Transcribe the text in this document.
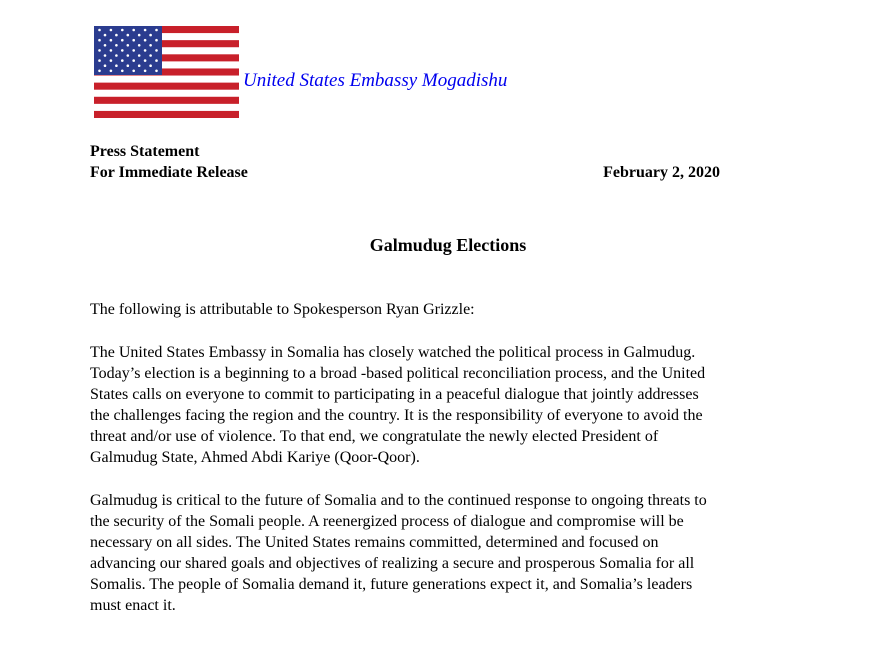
United States Embassy Mogadishu
Press Statement
For Immediate Release	February 2, 2020
Galmudug Elections

The following is attributable to Spokesperson Ryan Grizzle:

The United States Embassy in Somalia has closely watched the political process in Galmudug.
Today’s election is a beginning to a broad -based political reconciliation process, and the United
States calls on everyone to commit to participating in a peaceful dialogue that jointly addresses
the challenges facing the region and the country. It is the responsibility of everyone to avoid the
threat and/or use of violence. To that end, we congratulate the newly elected President of
Galmudug State, Ahmed Abdi Kariye (Qoor-Qoor).

Galmudug is critical to the future of Somalia and to the continued response to ongoing threats to
the security of the Somali people. A reenergized process of dialogue and compromise will be
necessary on all sides. The United States remains committed, determined and focused on
advancing our shared goals and objectives of realizing a secure and prosperous Somalia for all
Somalis. The people of Somalia demand it, future generations expect it, and Somalia’s leaders
must enact it.
